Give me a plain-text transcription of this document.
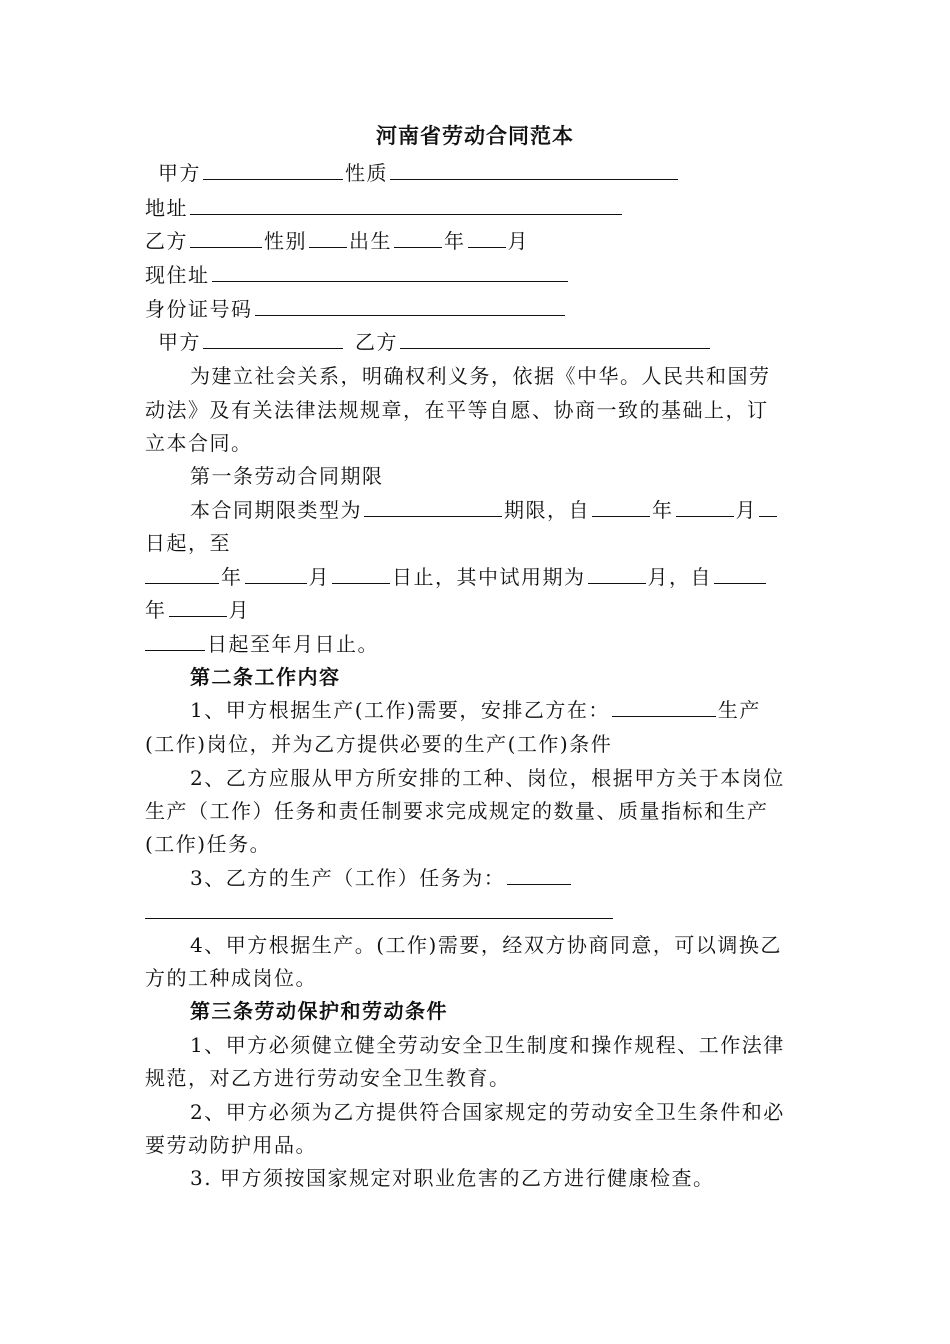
河南省劳动合同范本
甲方	性质
地址
乙方	性别 出生	年 月
现住址
身份证号码
甲方	乙方
为建立社会关系，明确权利义务，依据《中华。人民共和国劳
动法》及有关法律法规规章，在平等自愿、协商一致的基础上，订
立本合同。
第一条劳动合同期限
本合同期限类型为	期限，自	年	月
日起，至
年	月	日止，其中试用期为	月，自
年	月
日起至年月日止。
第二条工作内容
1、甲方根据生产(工作)需要，安排乙方在：	生产
(工作)岗位，并为乙方提供必要的生产(工作)条件
2、乙方应服从甲方所安排的工种、岗位，根据甲方关于本岗位
生产（工作）任务和责任制要求完成规定的数量、质量指标和生产
(工作)任务。
3、乙方的生产（工作）任务为：
4、甲方根据生产。(工作)需要，经双方协商同意，可以调换乙
方的工种成岗位。
第三条劳动保护和劳动条件
1、甲方必须健立健全劳动安全卫生制度和操作规程、工作法律
规范，对乙方进行劳动安全卫生教育。
2、甲方必须为乙方提供符合国家规定的劳动安全卫生条件和必
要劳动防护用品。
3. 甲方须按国家规定对职业危害的乙方进行健康检查。
